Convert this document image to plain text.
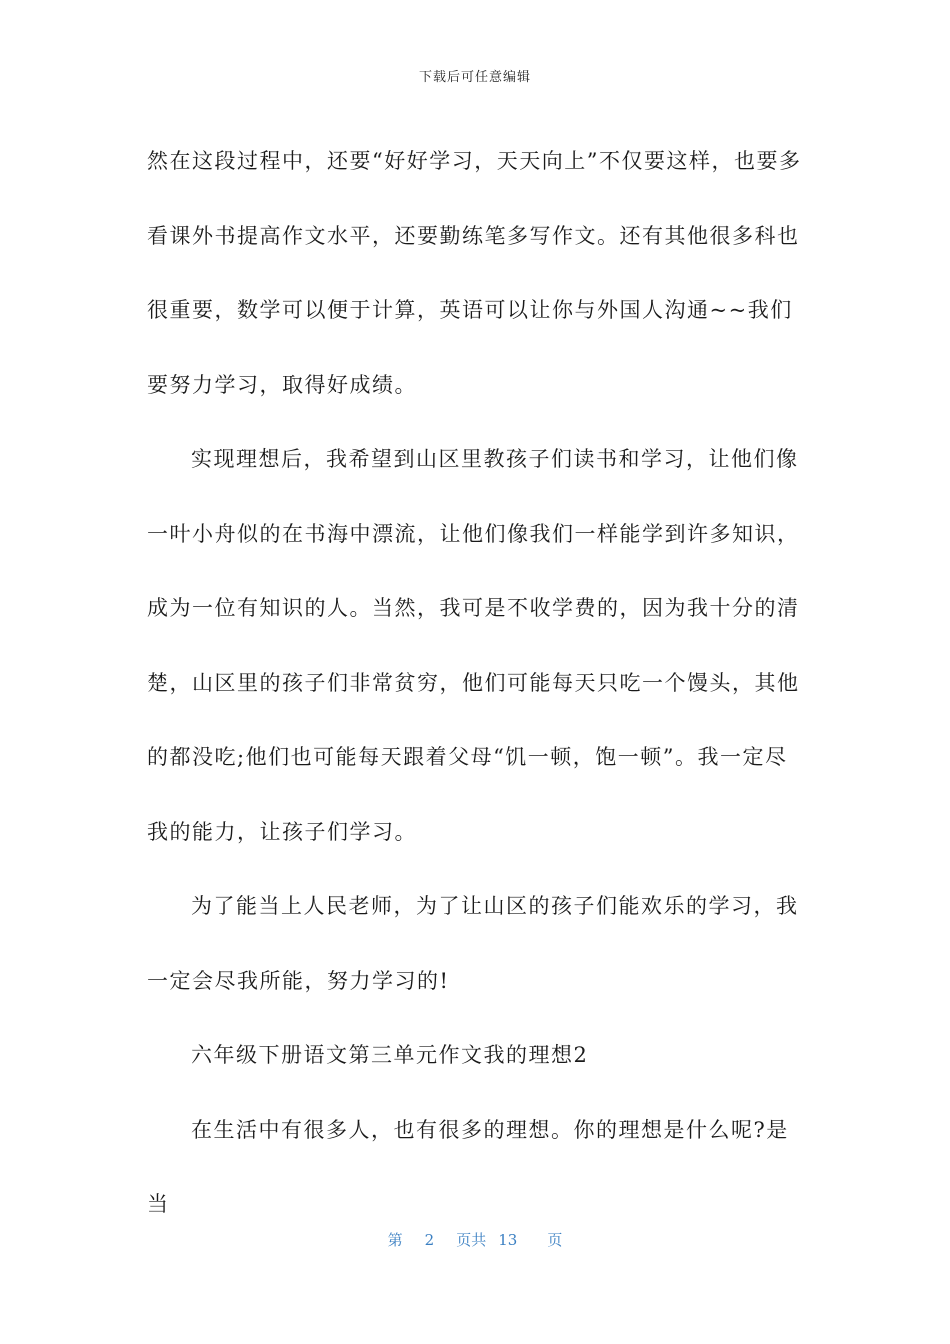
下载后可任意编辑

然在这段过程中，还要“好好学习，天天向上”不仅要这样，也要多看课外书提高作文水平，还要勤练笔多写作文。还有其他很多科也很重要，数学可以便于计算，英语可以让你与外国人沟通~~我们要努力学习，取得好成绩。

实现理想后，我希望到山区里教孩子们读书和学习，让他们像一叶小舟似的在书海中漂流，让他们像我们一样能学到许多知识，成为一位有知识的人。当然，我可是不收学费的，因为我十分的清楚，山区里的孩子们非常贫穷，他们可能每天只吃一个馒头，其他的都没吃;他们也可能每天跟着父母“饥一顿，饱一顿”。我一定尽我的能力，让孩子们学习。

为了能当上人民老师，为了让山区的孩子们能欢乐的学习，我一定会尽我所能，努力学习的!

六年级下册语文第三单元作文我的理想2

在生活中有很多人，也有很多的理想。你的理想是什么呢?是当

第 2 页共 13 页
